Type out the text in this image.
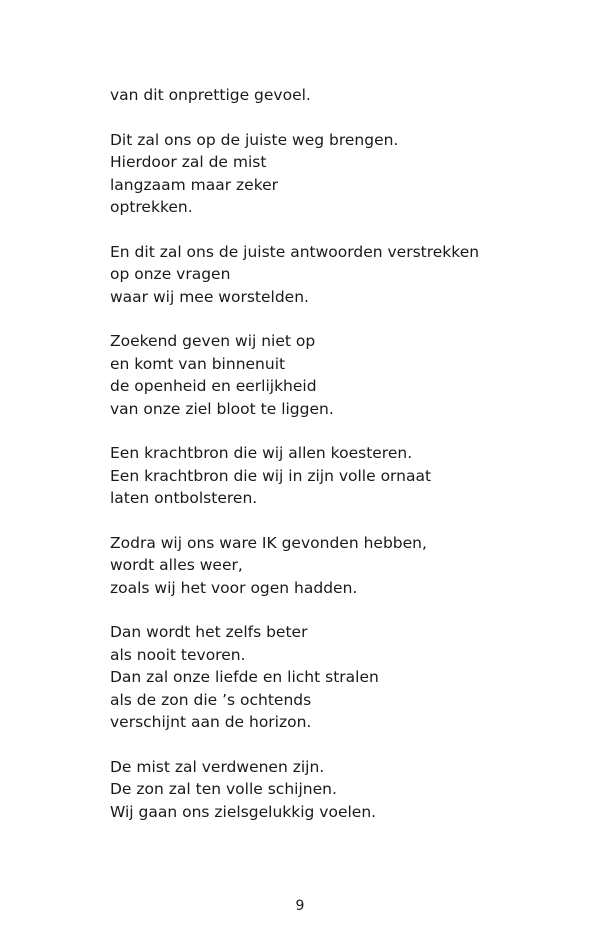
van dit onprettige gevoel.
Dit zal ons op de juiste weg brengen.
Hierdoor zal de mist
langzaam maar zeker
optrekken.
En dit zal ons de juiste antwoorden verstrekken
op onze vragen
waar wij mee worstelden.
Zoekend geven wij niet op
en komt van binnenuit
de openheid en eerlijkheid
van onze ziel bloot te liggen.
Een krachtbron die wij allen koesteren.
Een krachtbron die wij in zijn volle ornaat
laten ontbolsteren.
Zodra wij ons ware IK gevonden hebben,
wordt alles weer,
zoals wij het voor ogen hadden.
Dan wordt het zelfs beter
als nooit tevoren.
Dan zal onze liefde en licht stralen
als de zon die ’s ochtends
verschijnt aan de horizon.
De mist zal verdwenen zijn.
De zon zal ten volle schijnen.
Wij gaan ons zielsgelukkig voelen.
9
